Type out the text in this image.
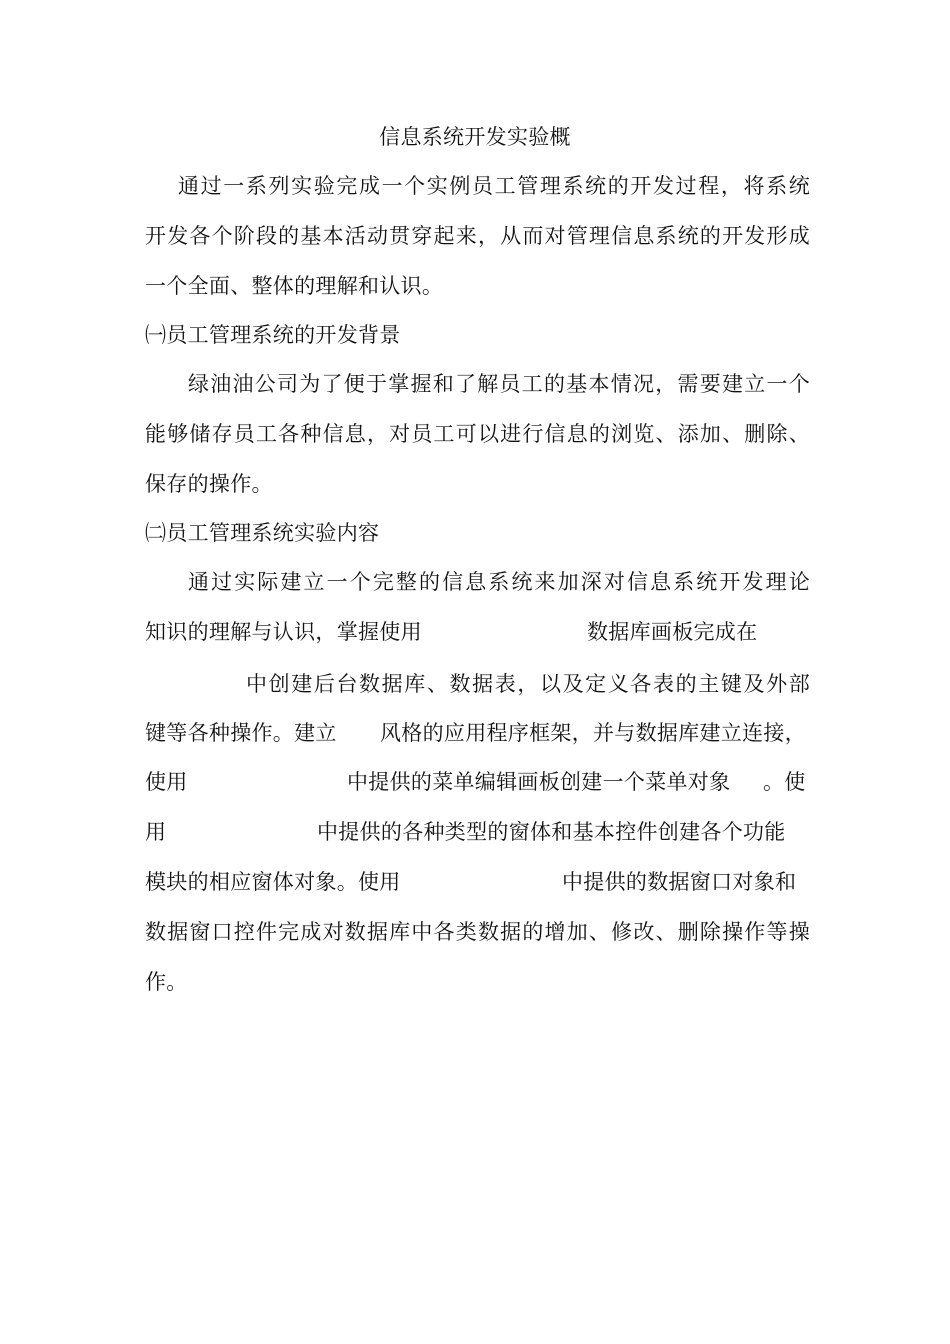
信息系统开发实验概
通过一系列实验完成一个实例员工管理系统的开发过程，将系统
开发各个阶段的基本活动贯穿起来，从而对管理信息系统的开发形成
一个全面、整体的理解和认识。
㈠员工管理系统的开发背景
绿油油公司为了便于掌握和了解员工的基本情况，需要建立一个
能够储存员工各种信息，对员工可以进行信息的浏览、添加、删除、
保存的操作。
㈡员工管理系统实验内容
通过实际建立一个完整的信息系统来加深对信息系统开发理论
知识的理解与认识，掌握使用	数据库画板完成在
中创建后台数据库、数据表，以及定义各表的主键及外部
键等各种操作。建立 风格的应用程序框架，并与数据库建立连接，
使用	中提供的菜单编辑画板创建一个菜单对象 。使
用	中提供的各种类型的窗体和基本控件创建各个功能
模块的相应窗体对象。使用	中提供的数据窗口对象和
数据窗口控件完成对数据库中各类数据的增加、修改、删除操作等操
作。
